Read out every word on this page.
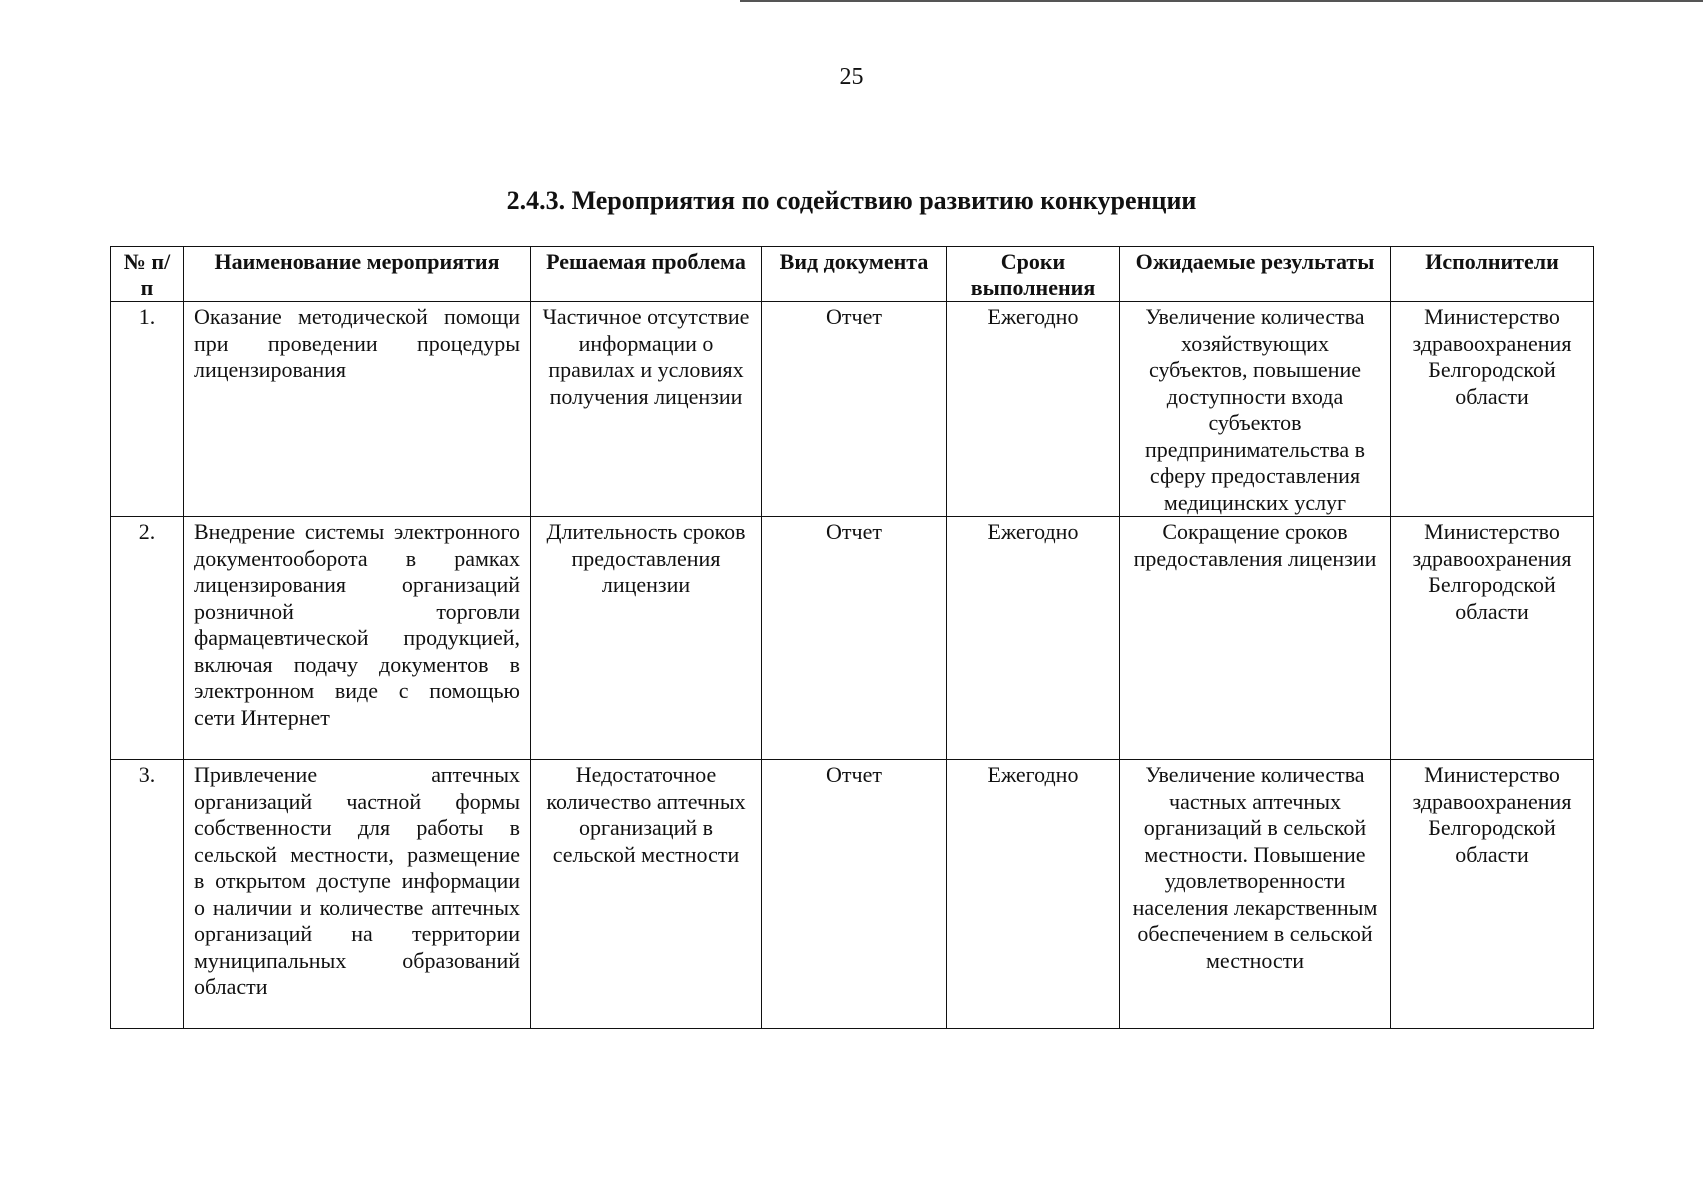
25
2.4.3. Мероприятия по содействию развитию конкуренции
№ п/п	Наименование мероприятия	Решаемая проблема	Вид документа	Сроки выполнения	Ожидаемые результаты	Исполнители
1.	Оказание методической помощи при проведении процедуры лицензирования	Частичное отсутствие информации о правилах и условиях получения лицензии	Отчет	Ежегодно	Увеличение количества хозяйствующих субъектов, повышение доступности входа субъектов предпринимательства в сферу предоставления медицинских услуг	Министерство здравоохранения Белгородской области
2.	Внедрение системы электронного документооборота в рамках лицензирования организаций розничной торговли фармацевтической продукцией, включая подачу документов в электронном виде с помощью сети Интернет	Длительность сроков предоставления лицензии	Отчет	Ежегодно	Сокращение сроков предоставления лицензии	Министерство здравоохранения Белгородской области
3.	Привлечение аптечных организаций частной формы собственности для работы в сельской местности, размещение в открытом доступе информации о наличии и количестве аптечных организаций на территории муниципальных образований области	Недостаточное количество аптечных организаций в сельской местности	Отчет	Ежегодно	Увеличение количества частных аптечных организаций в сельской местности. Повышение удовлетворенности населения лекарственным обеспечением в сельской местности	Министерство здравоохранения Белгородской области
